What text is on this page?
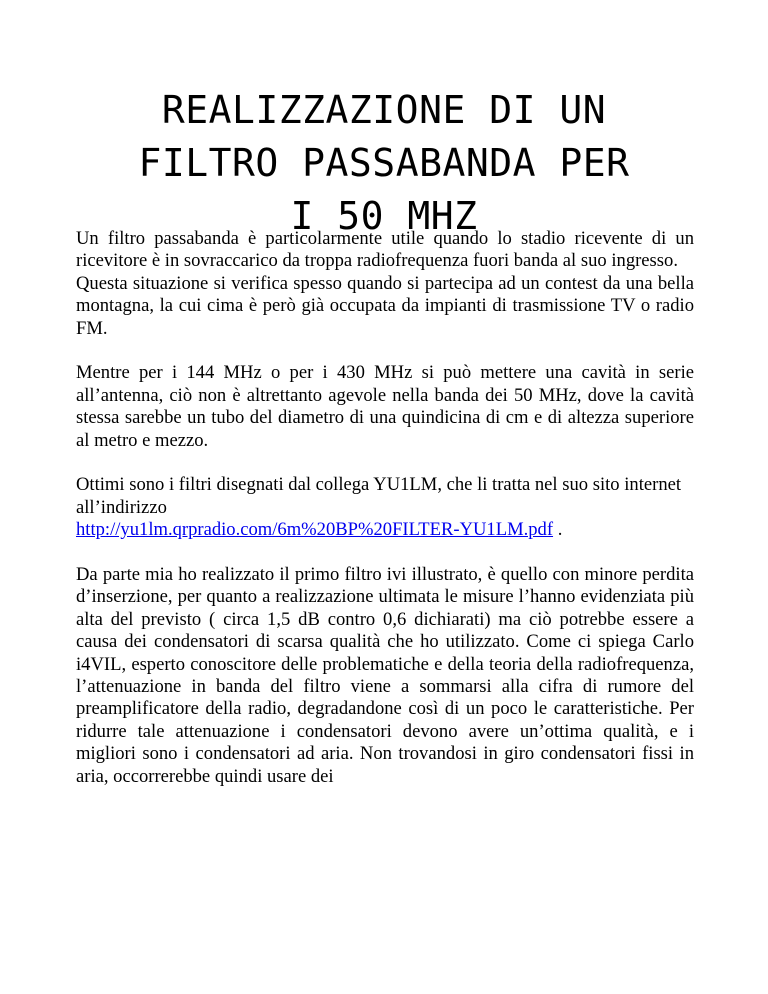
REALIZZAZIONE DI UN
FILTRO PASSABANDA PER
I 50 MHZ

Un filtro passabanda è particolarmente utile quando lo stadio ricevente di un ricevitore è in sovraccarico da troppa radiofrequenza fuori banda al suo ingresso.

Questa situazione si verifica spesso quando si partecipa ad un contest da una bella montagna, la cui cima è però già occupata da impianti di trasmissione TV o radio FM.

Mentre per i 144 MHz o per i 430 MHz si può mettere una cavità in serie all’antenna, ciò non è altrettanto agevole nella banda dei 50 MHz, dove la cavità stessa sarebbe un tubo del diametro di una quindicina di cm e di altezza superiore al metro e mezzo.

Ottimi sono i filtri disegnati dal collega YU1LM, che li tratta nel suo sito internet all’indirizzo
http://yu1lm.qrpradio.com/6m%20BP%20FILTER-YU1LM.pdf .

Da parte mia ho realizzato il primo filtro ivi illustrato, è quello con minore perdita d’inserzione, per quanto a realizzazione ultimata le misure l’hanno evidenziata più alta del previsto ( circa 1,5 dB contro 0,6 dichiarati) ma ciò potrebbe essere a causa dei condensatori di scarsa qualità che ho utilizzato. Come ci spiega Carlo i4VIL, esperto conoscitore delle problematiche e della teoria della radiofrequenza, l’attenuazione in banda del filtro viene a sommarsi alla cifra di rumore del preamplificatore della radio, degradandone così di un poco le caratteristiche. Per ridurre tale attenuazione i condensatori devono avere un’ottima qualità, e i migliori sono i condensatori ad aria. Non trovandosi in giro condensatori fissi in aria, occorrerebbe quindi usare dei
